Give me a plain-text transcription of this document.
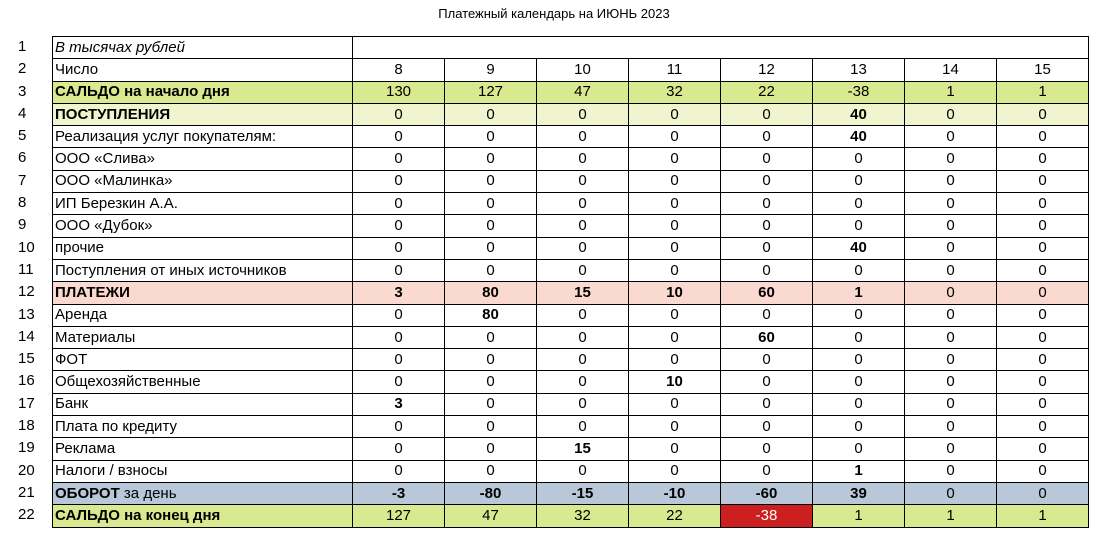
Платежный календарь на ИЮНЬ 2023
1
2
3
4
5
6
7
8
9
10
11
12
13
14
15
16
17
18
19
20
21
22
В тысячах рублей								
Число	8	9	10	11	12	13	14	15
САЛЬДО на начало дня	130	127	47	32	22	-38	1	1
ПОСТУПЛЕНИЯ	0	0	0	0	0	40	0	0
Реализация услуг покупателям:	0	0	0	0	0	40	0	0
ООО «Слива»	0	0	0	0	0	0	0	0
ООО «Малинка»	0	0	0	0	0	0	0	0
ИП Березкин А.А.	0	0	0	0	0	0	0	0
ООО «Дубок»	0	0	0	0	0	0	0	0
прочие	0	0	0	0	0	40	0	0
Поступления от иных источников	0	0	0	0	0	0	0	0
ПЛАТЕЖИ	3	80	15	10	60	1	0	0
Аренда	0	80	0	0	0	0	0	0
Материалы	0	0	0	0	60	0	0	0
ФОТ	0	0	0	0	0	0	0	0
Общехозяйственные	0	0	0	10	0	0	0	0
Банк	3	0	0	0	0	0	0	0
Плата по кредиту	0	0	0	0	0	0	0	0
Реклама	0	0	15	0	0	0	0	0
Налоги / взносы	0	0	0	0	0	1	0	0
ОБОРОТ за день	-3	-80	-15	-10	-60	39	0	0
САЛЬДО на конец дня	127	47	32	22	-38	1	1	1
